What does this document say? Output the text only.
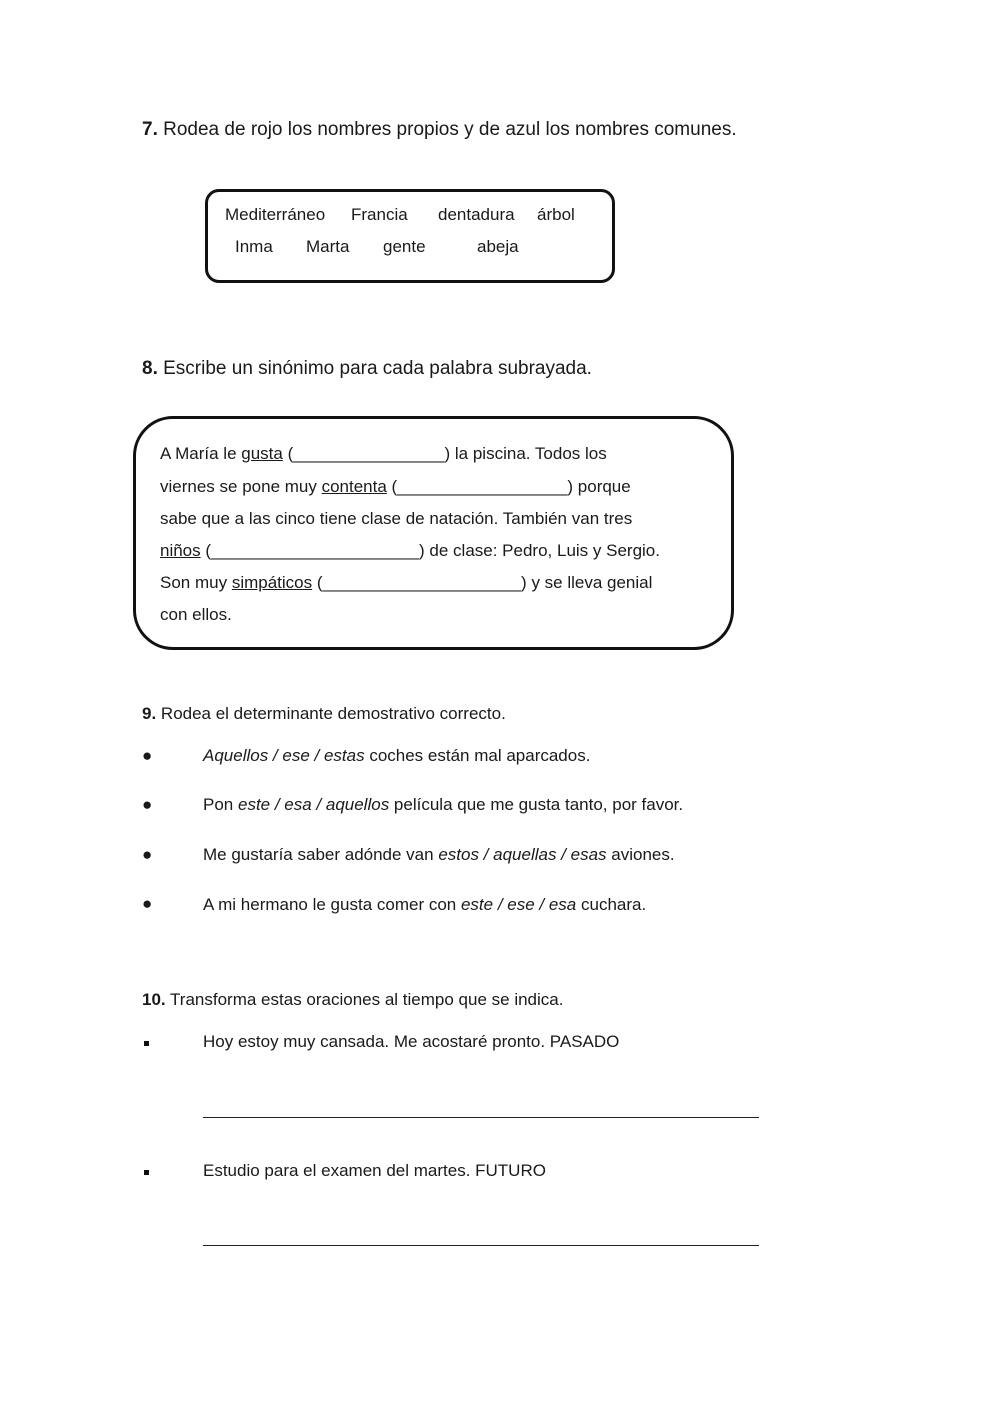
7. Rodea de rojo los nombres propios y de azul los nombres comunes.
Mediterráneo Francia dentadura árbol
Inma Marta gente	abeja
8. Escribe un sinónimo para cada palabra subrayada.
A María le gusta (________________) la piscina. Todos los
viernes se pone muy contenta (__________________) porque
sabe que a las cinco tiene clase de natación. También van tres
niños (______________________) de clase: Pedro, Luis y Sergio.
Son muy simpáticos (_____________________) y se lleva genial
con ellos.
9. Rodea el determinante demostrativo correcto.
●	Aquellos / ese / estas coches están mal aparcados.
●	Pon este / esa / aquellos película que me gusta tanto, por favor.
●	Me gustaría saber adónde van estos / aquellas / esas aviones.
●	A mi hermano le gusta comer con este / ese / esa cuchara.
10. Transforma estas oraciones al tiempo que se indica.
Hoy estoy muy cansada. Me acostaré pronto. PASADO
Estudio para el examen del martes. FUTURO
